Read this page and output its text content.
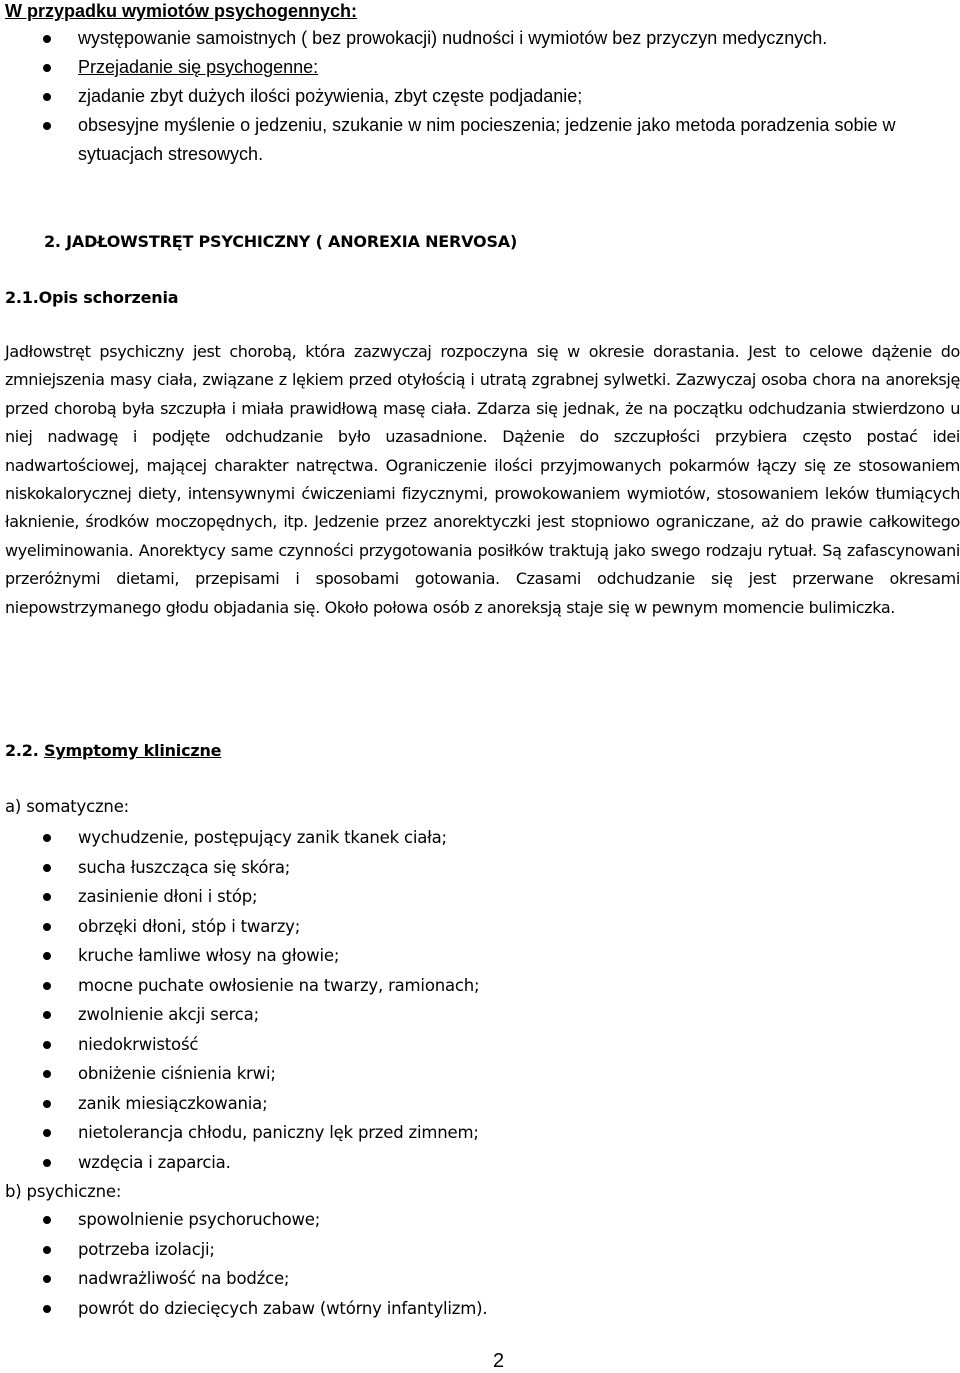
W przypadku wymiotów psychogennych:
występowanie samoistnych ( bez prowokacji) nudności i wymiotów bez przyczyn medycznych.
Przejadanie się psychogenne:
zjadanie zbyt dużych ilości pożywienia, zbyt częste podjadanie;
obsesyjne myślenie o jedzeniu, szukanie w nim pocieszenia; jedzenie jako metoda poradzenia sobie w sytuacjach stresowych.
2. JADŁOWSTRĘT PSYCHICZNY ( ANOREXIA NERVOSA)
2.1.Opis schorzenia
Jadłowstręt psychiczny jest chorobą, która zazwyczaj rozpoczyna się w okresie dorastania. Jest to celowe dążenie do zmniejszenia masy ciała, związane z lękiem przed otyłością i utratą zgrabnej sylwetki. Zazwyczaj osoba chora na anoreksję przed chorobą była szczupła i miała prawidłową masę ciała. Zdarza się jednak, że na początku odchudzania stwierdzono u niej nadwagę i podjęte odchudzanie było uzasadnione. Dążenie do szczupłości przybiera często postać idei nadwartościowej, mającej charakter natręctwa. Ograniczenie ilości przyjmowanych pokarmów łączy się ze stosowaniem niskokalorycznej diety, intensywnymi ćwiczeniami fizycznymi, prowokowaniem wymiotów, stosowaniem leków tłumiących łaknienie, środków moczopędnych, itp. Jedzenie przez anorektyczki jest stopniowo ograniczane, aż do prawie całkowitego wyeliminowania. Anorektycy same czynności przygotowania posiłków traktują jako swego rodzaju rytuał. Są zafascynowani przeróżnymi dietami, przepisami i sposobami gotowania. Czasami odchudzanie się jest przerwane okresami niepowstrzymanego głodu objadania się. Około połowa osób z anoreksją staje się w pewnym momencie bulimiczka.
2.2. Symptomy kliniczne
a) somatyczne:
wychudzenie, postępujący zanik tkanek ciała;
sucha łuszcząca się skóra;
zasinienie dłoni i stóp;
obrzęki dłoni, stóp i twarzy;
kruche łamliwe włosy na głowie;
mocne puchate owłosienie na twarzy, ramionach;
zwolnienie akcji serca;
niedokrwistość
obniżenie ciśnienia krwi;
zanik miesiączkowania;
nietolerancja chłodu, paniczny lęk przed zimnem;
wzdęcia i zaparcia.
b) psychiczne:
spowolnienie psychoruchowe;
potrzeba izolacji;
nadwrażliwość na bodźce;
powrót do dziecięcych zabaw (wtórny infantylizm).
2
